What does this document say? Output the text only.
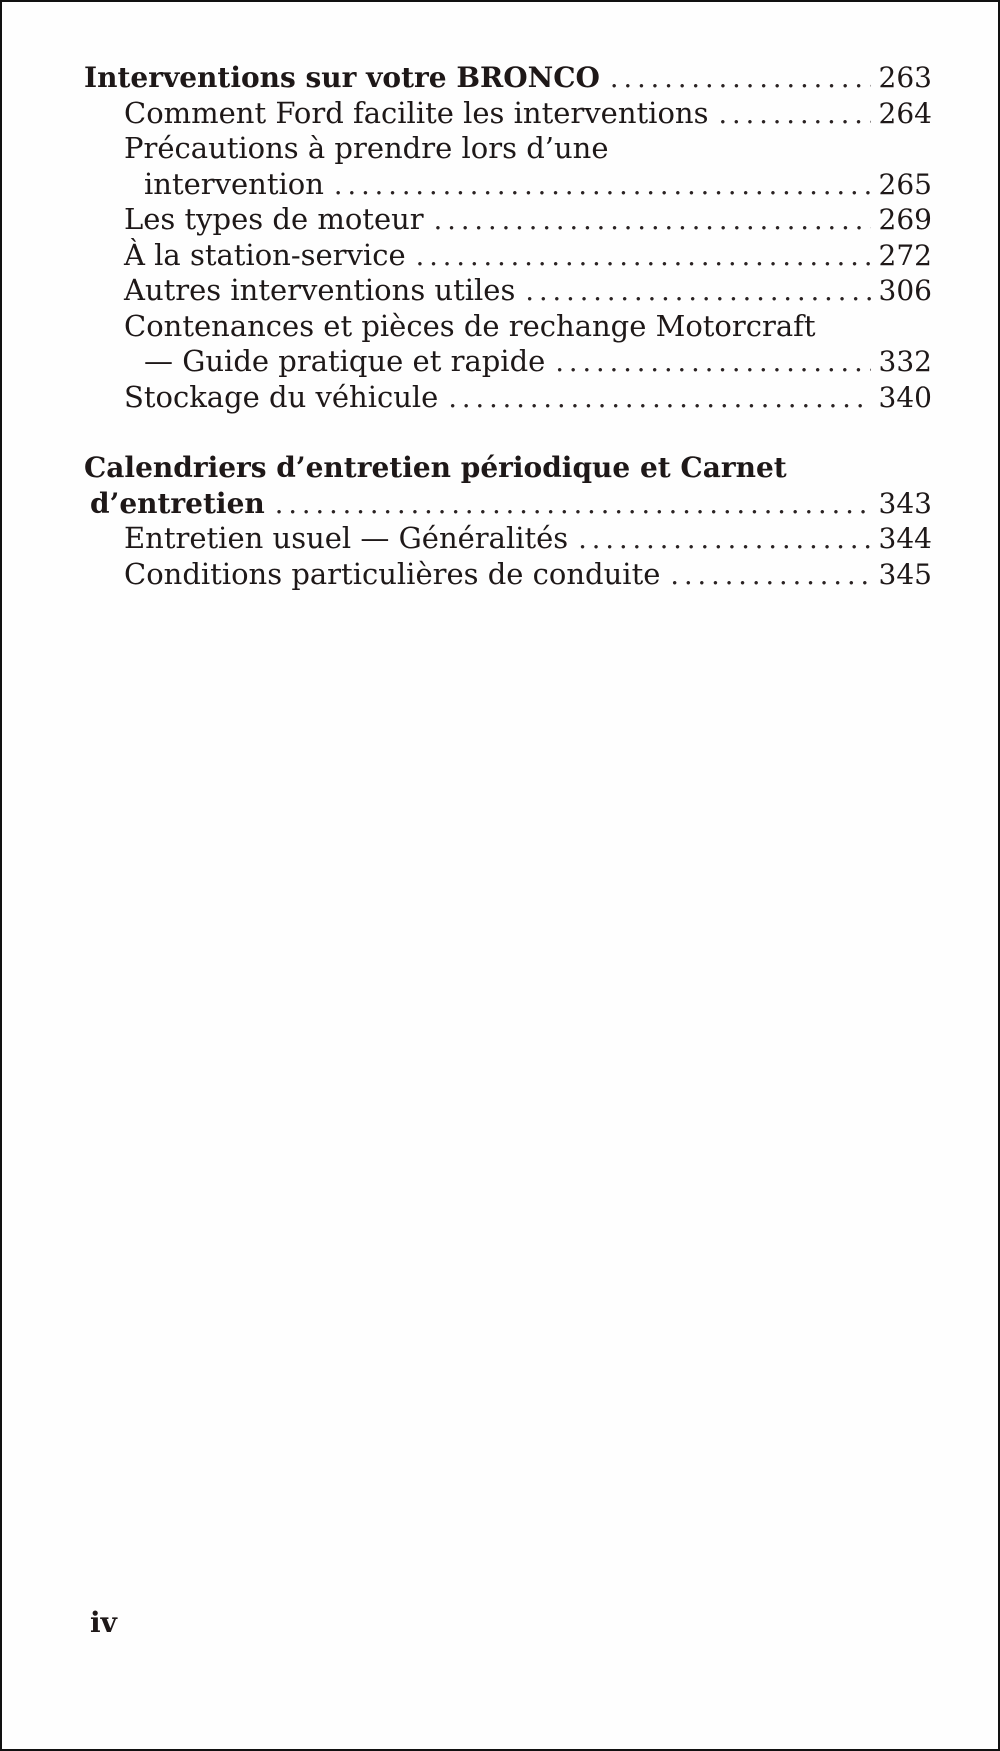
Interventions sur votre BRONCO .....	263
Comment Ford facilite les interventions .....	264
Précautions à prendre lors d’une
intervention .....	265
Les types de moteur .....	269
À la station-service .....	272
Autres interventions utiles .....	306
Contenances et pièces de rechange Motorcraft
— Guide pratique et rapide .....	332
Stockage du véhicule .....	340
Calendriers d’entretien périodique et Carnet
d’entretien .....	343
Entretien usuel — Généralités .....	344
Conditions particulières de conduite .....	345
iv
